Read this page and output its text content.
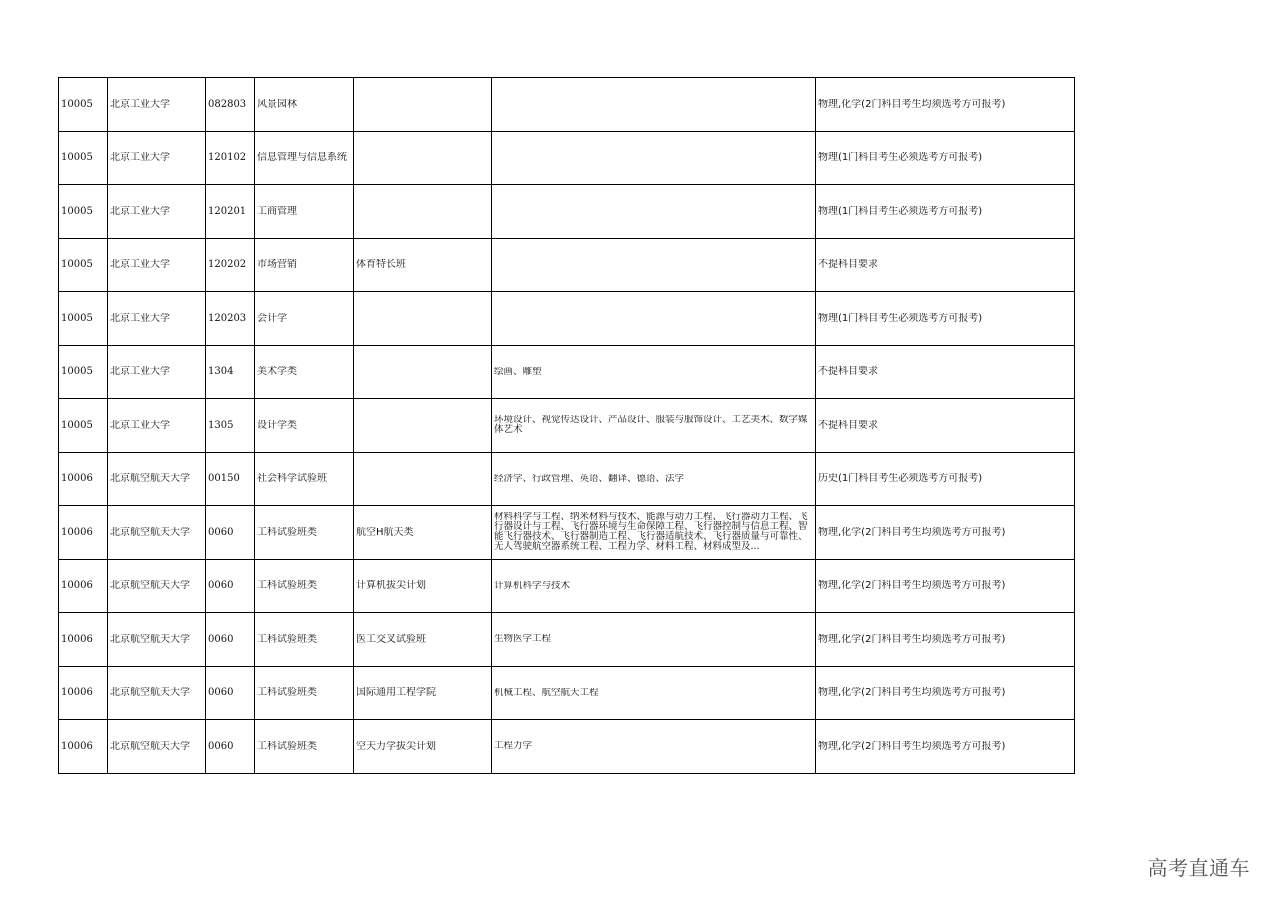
10005	北京工业大学	082803	风景园林			物理,化学(2门科目考生均须选考方可报考)

10005	北京工业大学	120102	信息管理与信息系统			物理(1门科目考生必须选考方可报考)

10005	北京工业大学	120201	工商管理			物理(1门科目考生必须选考方可报考)

10005	北京工业大学	120202	市场营销	体育特长班		不提科目要求

10005	北京工业大学	120203	会计学			物理(1门科目考生必须选考方可报考)

10005	北京工业大学	1304	美术学类		绘画、雕塑	不提科目要求

10005	北京工业大学	1305	设计学类		环境设计、视觉传达设计、产品设计、服装与服饰设计、工艺美术、数字媒体艺术	不提科目要求

10006	北京航空航天大学	00150	社会科学试验班		经济学、行政管理、英语、翻译、德语、法学	历史(1门科目考生必须选考方可报考)

10006	北京航空航天大学	0060	工科试验班类	航空H航天类	材料科学与工程、纳米材料与技术、能源与动力工程、飞行器动力工程、飞行器设计与工程、飞行器环境与生命保障工程、飞行器控制与信息工程、智能飞行器技术、飞行器制造工程、飞行器适航技术、飞行器质量与可靠性、无人驾驶航空器系统工程、工程力学、材料工程、材料成型及...	物理,化学(2门科目考生均须选考方可报考)

10006	北京航空航天大学	0060	工科试验班类	计算机拔尖计划	计算机科学与技术	物理,化学(2门科目考生均须选考方可报考)

10006	北京航空航天大学	0060	工科试验班类	医工交叉试验班	生物医学工程	物理,化学(2门科目考生均须选考方可报考)

10006	北京航空航天大学	0060	工科试验班类	国际通用工程学院	机械工程、航空航天工程	物理,化学(2门科目考生均须选考方可报考)

10006	北京航空航天大学	0060	工科试验班类	空天力学拔尖计划	工程力学	物理,化学(2门科目考生均须选考方可报考)
高考直通车
